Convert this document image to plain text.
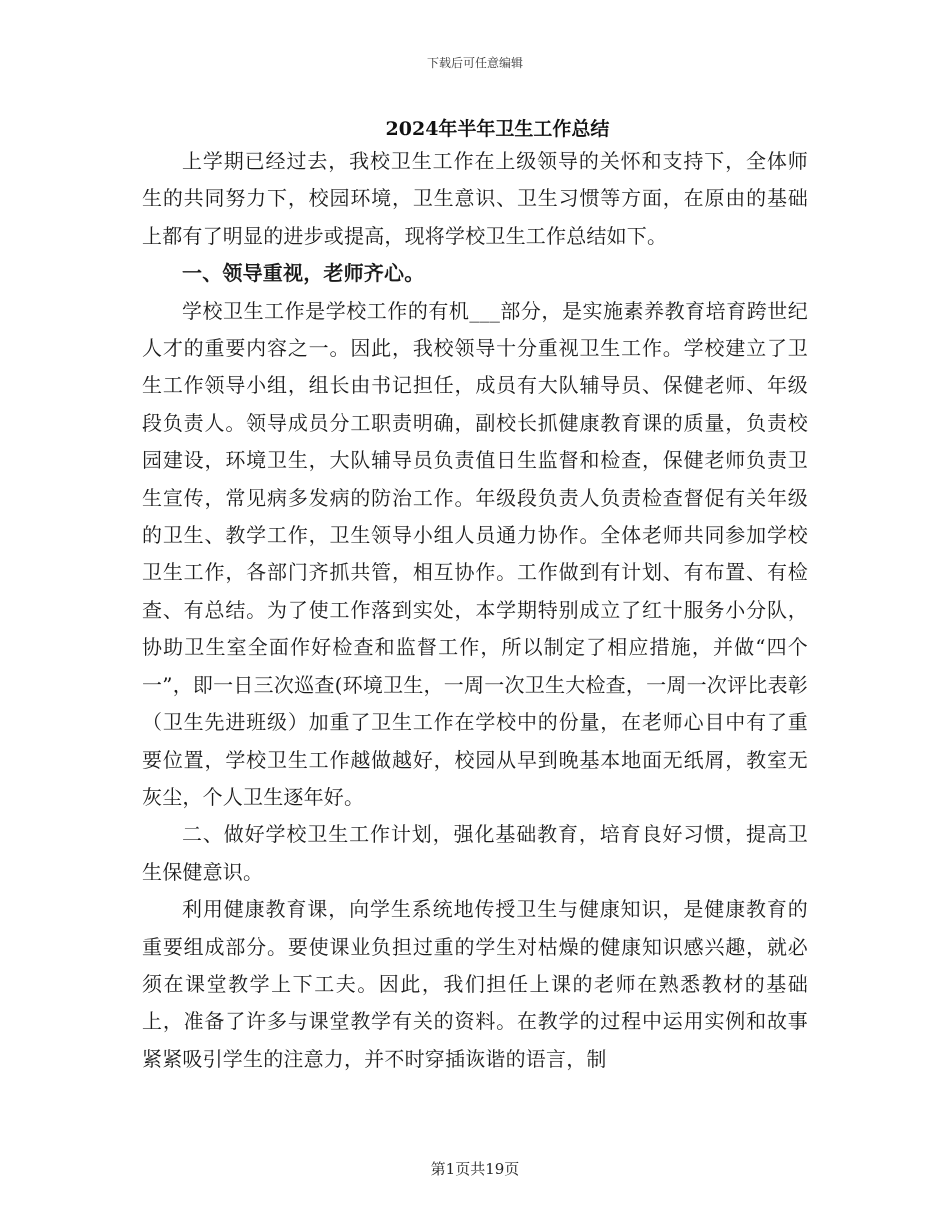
下载后可任意编辑
2024年半年卫生工作总结

上学期已经过去，我校卫生工作在上级领导的关怀和支持下，全体师生的共同努力下，校园环境，卫生意识、卫生习惯等方面，在原由的基础上都有了明显的进步或提高，现将学校卫生工作总结如下。

一、领导重视，老师齐心。

学校卫生工作是学校工作的有机___部分，是实施素养教育培育跨世纪人才的重要内容之一。因此，我校领导十分重视卫生工作。学校建立了卫生工作领导小组，组长由书记担任，成员有大队辅导员、保健老师、年级段负责人。领导成员分工职责明确，副校长抓健康教育课的质量，负责校园建设，环境卫生，大队辅导员负责值日生监督和检查，保健老师负责卫生宣传，常见病多发病的防治工作。年级段负责人负责检查督促有关年级的卫生、教学工作，卫生领导小组人员通力协作。全体老师共同参加学校卫生工作，各部门齐抓共管，相互协作。工作做到有计划、有布置、有检查、有总结。为了使工作落到实处，本学期特别成立了红十服务小分队，协助卫生室全面作好检查和监督工作，所以制定了相应措施，并做“四个一”，即一日三次巡查(环境卫生，一周一次卫生大检查，一周一次评比表彰（卫生先进班级）加重了卫生工作在学校中的份量，在老师心目中有了重要位置，学校卫生工作越做越好，校园从早到晚基本地面无纸屑，教室无灰尘，个人卫生逐年好。

二、做好学校卫生工作计划，强化基础教育，培育良好习惯，提高卫生保健意识。

利用健康教育课，向学生系统地传授卫生与健康知识，是健康教育的重要组成部分。要使课业负担过重的学生对枯燥的健康知识感兴趣，就必须在课堂教学上下工夫。因此，我们担任上课的老师在熟悉教材的基础上，准备了许多与课堂教学有关的资料。在教学的过程中运用实例和故事紧紧吸引学生的注意力，并不时穿插诙谐的语言，制

第1页共19页
